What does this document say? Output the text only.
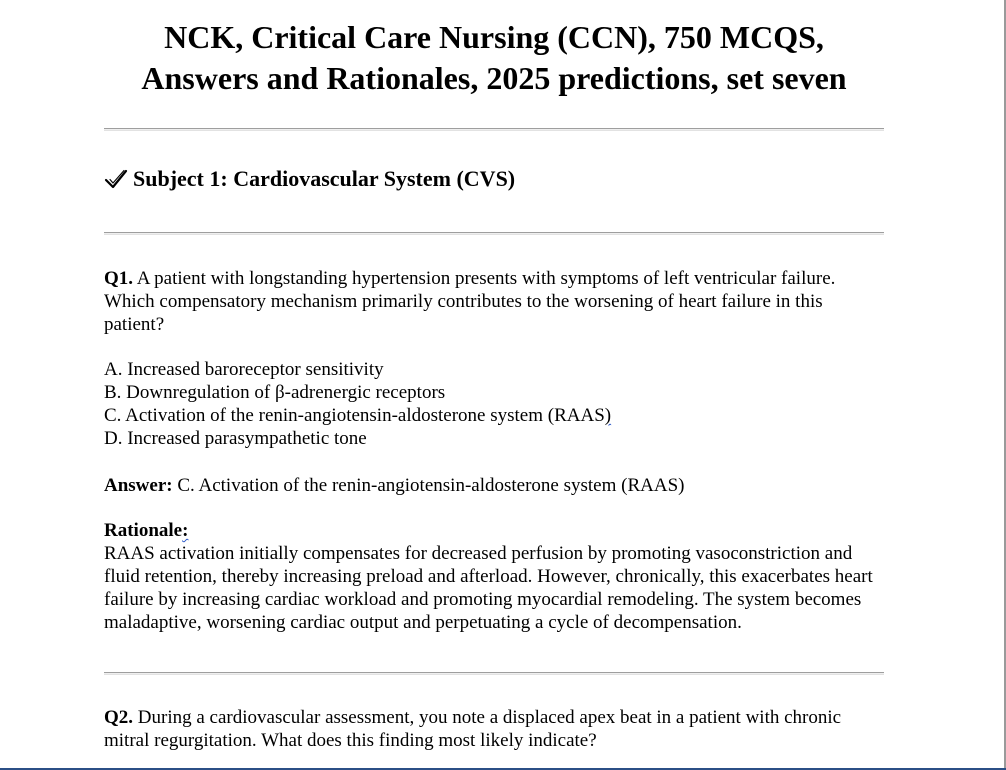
NCK, Critical Care Nursing (CCN), 750 MCQS,
Answers and Rationales, 2025 predictions, set seven
Subject 1: Cardiovascular System (CVS)
Q1. A patient with longstanding hypertension presents with symptoms of left ventricular failure. Which compensatory mechanism primarily contributes to the worsening of heart failure in this patient?
A. Increased baroreceptor sensitivity
B. Downregulation of β-adrenergic receptors
C. Activation of the renin-angiotensin-aldosterone system (RAAS)
D. Increased parasympathetic tone
Answer: C. Activation of the renin-angiotensin-aldosterone system (RAAS)
Rationale:
RAAS activation initially compensates for decreased perfusion by promoting vasoconstriction and fluid retention, thereby increasing preload and afterload. However, chronically, this exacerbates heart failure by increasing cardiac workload and promoting myocardial remodeling. The system becomes maladaptive, worsening cardiac output and perpetuating a cycle of decompensation.
Q2. During a cardiovascular assessment, you note a displaced apex beat in a patient with chronic mitral regurgitation. What does this finding most likely indicate?
